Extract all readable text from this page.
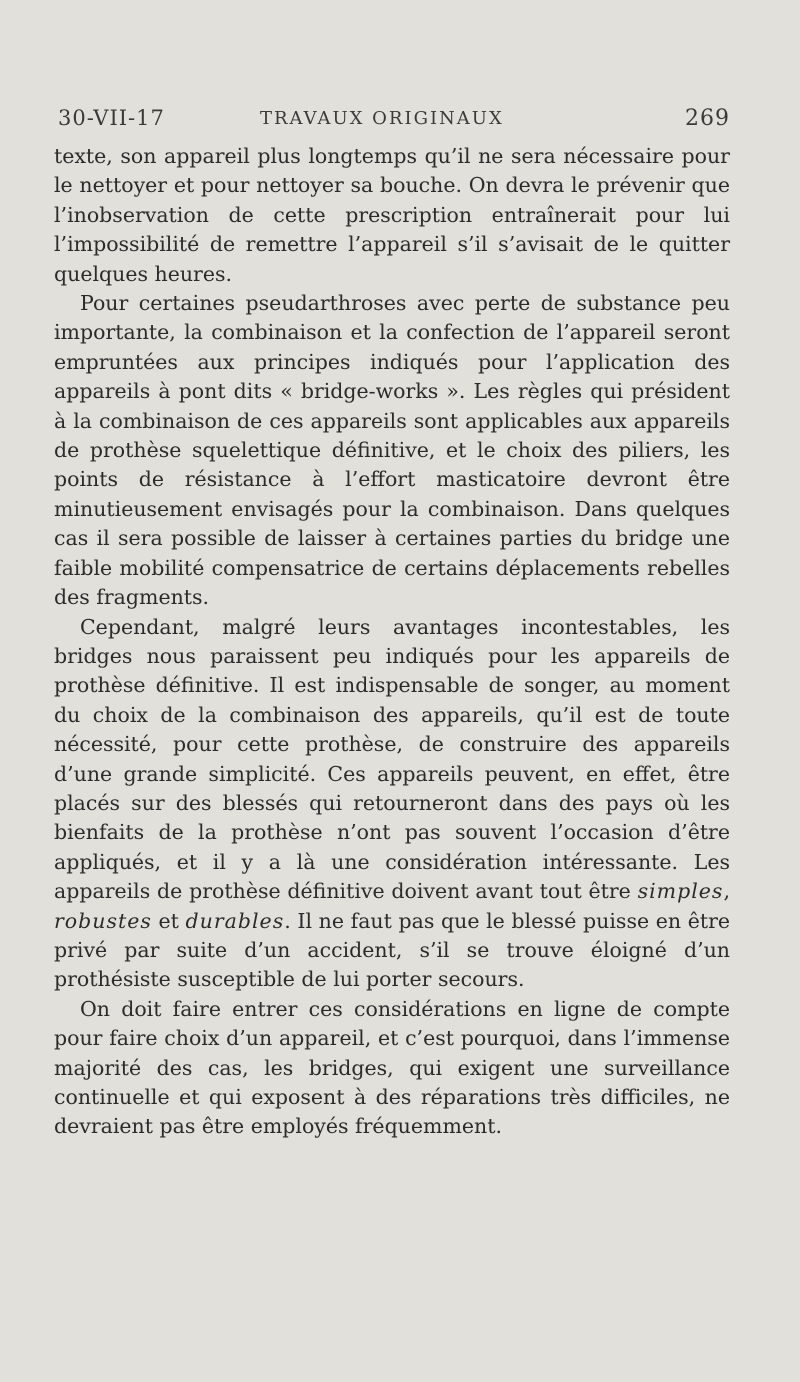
30-VII-17	TRAVAUX ORIGINAUX	269

texte, son appareil plus longtemps qu’il ne sera nécessaire pour le nettoyer et pour nettoyer sa bouche. On devra le prévenir que l’inobservation de cette prescription entraînerait pour lui l’impossibilité de remettre l’appareil s’il s’avisait de le quitter quelques heures.

Pour certaines pseudarthroses avec perte de substance peu importante, la combinaison et la confection de l’appareil seront empruntées aux principes indiqués pour l’application des appareils à pont dits « bridge-works ». Les règles qui président à la combinaison de ces appareils sont applicables aux appareils de prothèse squelettique définitive, et le choix des piliers, les points de résistance à l’effort masticatoire devront être minutieusement envisagés pour la combinaison. Dans quelques cas il sera possible de laisser à certaines parties du bridge une faible mobilité compensatrice de certains déplacements rebelles des fragments.

Cependant, malgré leurs avantages incontestables, les bridges nous paraissent peu indiqués pour les appareils de prothèse définitive. Il est indispensable de songer, au moment du choix de la combinaison des appareils, qu’il est de toute nécessité, pour cette prothèse, de construire des appareils d’une grande simplicité. Ces appareils peuvent, en effet, être placés sur des blessés qui retourneront dans des pays où les bienfaits de la prothèse n’ont pas souvent l’occasion d’être appliqués, et il y a là une considération intéressante. Les appareils de prothèse définitive doivent avant tout être simples, robustes et durables. Il ne faut pas que le blessé puisse en être privé par suite d’un accident, s’il se trouve éloigné d’un prothésiste susceptible de lui porter secours.

On doit faire entrer ces considérations en ligne de compte pour faire choix d’un appareil, et c’est pourquoi, dans l’immense majorité des cas, les bridges, qui exigent une surveillance continuelle et qui exposent à des réparations très difficiles, ne devraient pas être employés fréquemment.
